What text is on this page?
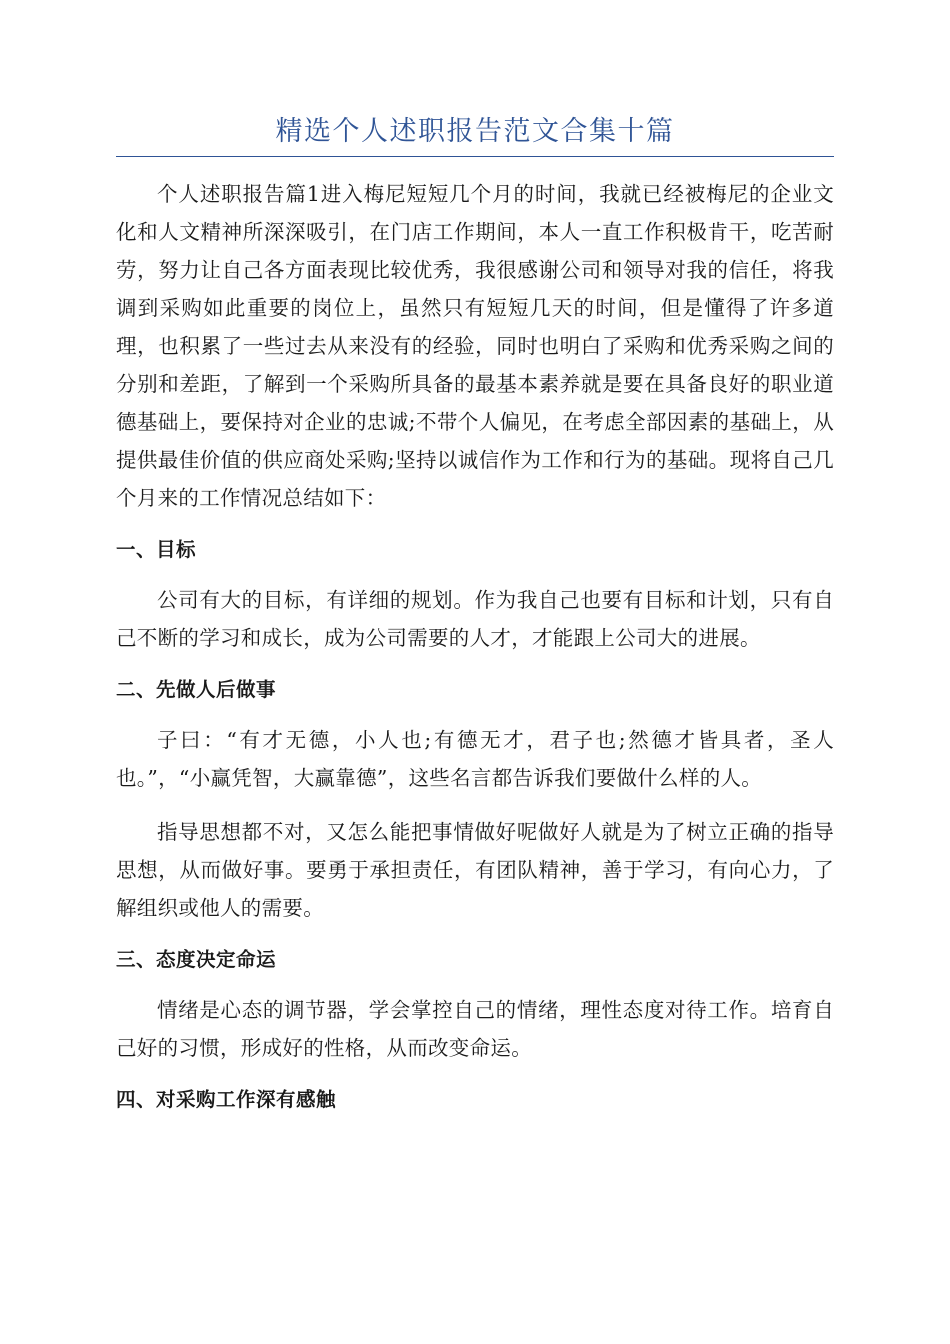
精选个人述职报告范文合集十篇

个人述职报告篇1进入梅尼短短几个月的时间，我就已经被梅尼的企业文化和人文精神所深深吸引，在门店工作期间，本人一直工作积极肯干，吃苦耐劳，努力让自己各方面表现比较优秀，我很感谢公司和领导对我的信任，将我调到采购如此重要的岗位上，虽然只有短短几天的时间，但是懂得了许多道理，也积累了一些过去从来没有的经验，同时也明白了采购和优秀采购之间的分别和差距，了解到一个采购所具备的最基本素养就是要在具备良好的职业道德基础上，要保持对企业的忠诚;不带个人偏见，在考虑全部因素的基础上，从提供最佳价值的供应商处采购;坚持以诚信作为工作和行为的基础。现将自己几个月来的工作情况总结如下：

一、目标

公司有大的目标，有详细的规划。作为我自己也要有目标和计划，只有自己不断的学习和成长，成为公司需要的人才，才能跟上公司大的进展。

二、先做人后做事

子曰：“有才无德，小人也;有德无才，君子也;然德才皆具者，圣人也。”，“小赢凭智，大赢靠德”，这些名言都告诉我们要做什么样的人。

指导思想都不对，又怎么能把事情做好呢做好人就是为了树立正确的指导思想，从而做好事。要勇于承担责任，有团队精神，善于学习，有向心力，了解组织或他人的需要。

三、态度决定命运

情绪是心态的调节器，学会掌控自己的情绪，理性态度对待工作。培育自己好的习惯，形成好的性格，从而改变命运。

四、对采购工作深有感触
